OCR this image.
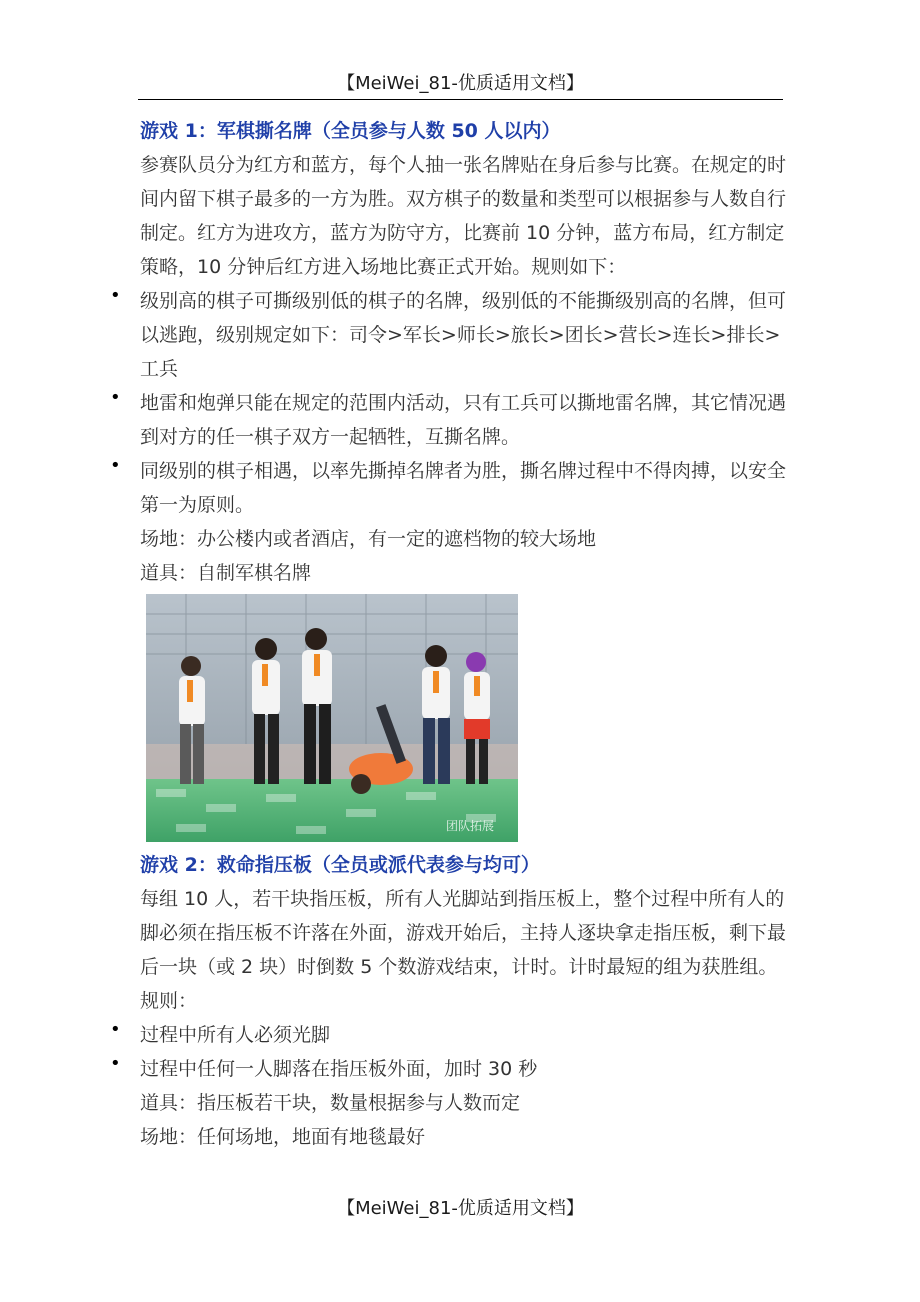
【MeiWei_81-优质适用文档】

游戏 1：军棋撕名牌（全员参与人数 50 人以内）

参赛队员分为红方和蓝方，每个人抽一张名牌贴在身后参与比赛。在规定的时间内留下棋子最多的一方为胜。双方棋子的数量和类型可以根据参与人数自行制定。红方为进攻方，蓝方为防守方，比赛前 10 分钟，蓝方布局，红方制定策略，10 分钟后红方进入场地比赛正式开始。规则如下：

• 级别高的棋子可撕级别低的棋子的名牌，级别低的不能撕级别高的名牌，但可以逃跑，级别规定如下：司令>军长>师长>旅长>团长>营长>连长>排长>工兵
• 地雷和炮弹只能在规定的范围内活动，只有工兵可以撕地雷名牌，其它情况遇到对方的任一棋子双方一起牺牲，互撕名牌。
• 同级别的棋子相遇，以率先撕掉名牌者为胜，撕名牌过程中不得肉搏，以安全第一为原则。

场地：办公楼内或者酒店，有一定的遮档物的较大场地

道具：自制军棋名牌

团队拓展

游戏 2：救命指压板（全员或派代表参与均可）

每组 10 人，若干块指压板，所有人光脚站到指压板上，整个过程中所有人的脚必须在指压板不许落在外面，游戏开始后，主持人逐块拿走指压板，剩下最后一块（或 2 块）时倒数 5 个数游戏结束，计时。计时最短的组为获胜组。规则：

• 过程中所有人必须光脚
• 过程中任何一人脚落在指压板外面，加时 30 秒

道具：指压板若干块，数量根据参与人数而定

场地：任何场地，地面有地毯最好

【MeiWei_81-优质适用文档】
